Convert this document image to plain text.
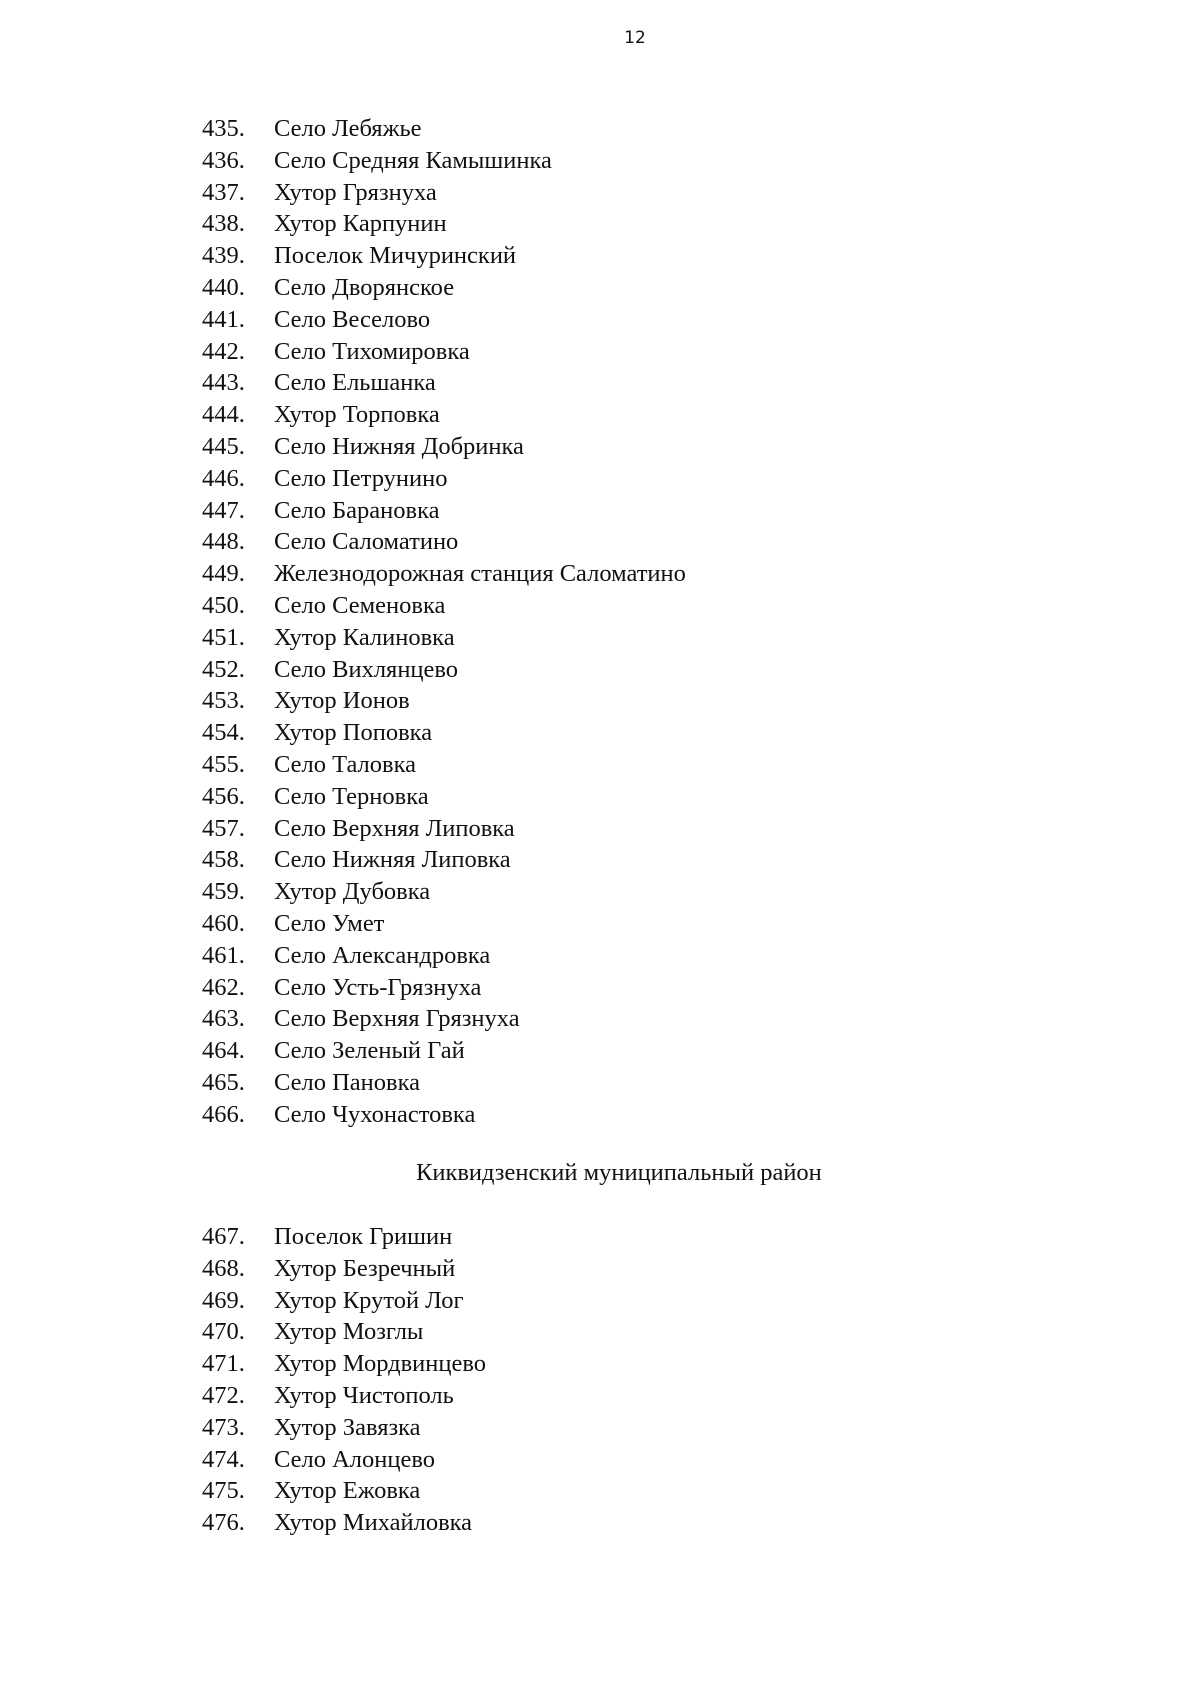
12
435. Село Лебяжье
436. Село Средняя Камышинка
437. Хутор Грязнуха
438. Хутор Карпунин
439. Поселок Мичуринский
440. Село Дворянское
441. Село Веселово
442. Село Тихомировка
443. Село Ельшанка
444. Хутор Торповка
445. Село Нижняя Добринка
446. Село Петрунино
447. Село Барановка
448. Село Саломатино
449. Железнодорожная станция Саломатино
450. Село Семеновка
451. Хутор Калиновка
452. Село Вихлянцево
453. Хутор Ионов
454. Хутор Поповка
455. Село Таловка
456. Село Терновка
457. Село Верхняя Липовка
458. Село Нижняя Липовка
459. Хутор Дубовка
460. Село Умет
461. Село Александровка
462. Село Усть-Грязнуха
463. Село Верхняя Грязнуха
464. Село Зеленый Гай
465. Село Пановка
466. Село Чухонастовка
Киквидзенский муниципальный район
467. Поселок Гришин
468. Хутор Безречный
469. Хутор Крутой Лог
470. Хутор Мозглы
471. Хутор Мордвинцево
472. Хутор Чистополь
473. Хутор Завязка
474. Село Алонцево
475. Хутор Ежовка
476. Хутор Михайловка
